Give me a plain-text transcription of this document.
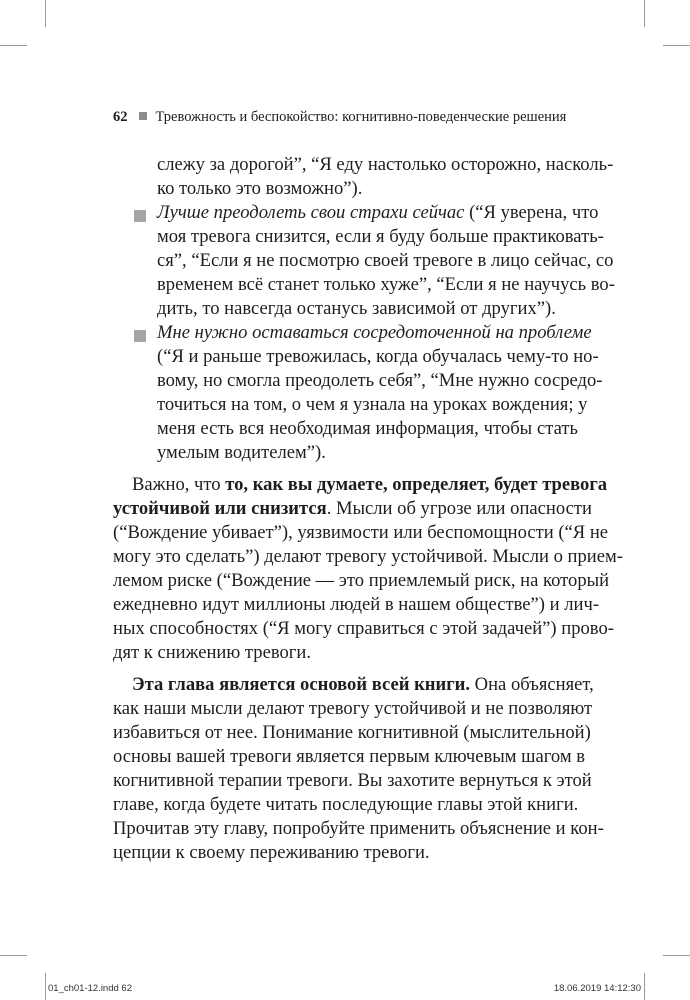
62 Тревожность и беспокойство: когнитивно-поведенческие решения
слежу за дорогой”, “Я еду настолько осторожно, насколь-
ко только это возможно”).
Лучше преодолеть свои страхи сейчас (“Я уверена, что
моя тревога снизится, если я буду больше практиковать-
ся”, “Если я не посмотрю своей тревоге в лицо сейчас, со
временем всё станет только хуже”, “Если я не научусь во-
дить, то навсегда останусь зависимой от других”).
Мне нужно оставаться сосредоточенной на проблеме
(“Я и раньше тревожилась, когда обучалась чему-то но-
вому, но смогла преодолеть себя”, “Мне нужно сосредо-
точиться на том, о чем я узнала на уроках вождения; у
меня есть вся необходимая информация, чтобы стать
умелым водителем”).
Важно, что то, как вы думаете, определяет, будет тревога
устойчивой или снизится. Мысли об угрозе или опасности
(“Вождение убивает”), уязвимости или беспомощности (“Я не
могу это сделать”) делают тревогу устойчивой. Мысли о прием-
лемом риске (“Вождение — это приемлемый риск, на который
ежедневно идут миллионы людей в нашем обществе”) и лич-
ных способностях (“Я могу справиться с этой задачей”) прово-
дят к снижению тревоги.
Эта глава является основой всей книги. Она объясняет,
как наши мысли делают тревогу устойчивой и не позволяют
избавиться от нее. Понимание когнитивной (мыслительной)
основы вашей тревоги является первым ключевым шагом в
когнитивной терапии тревоги. Вы захотите вернуться к этой
главе, когда будете читать последующие главы этой книги.
Прочитав эту главу, попробуйте применить объяснение и кон-
цепции к своему переживанию тревоги.
01_ch01-12.indd 62	18.06.2019 14:12:30
